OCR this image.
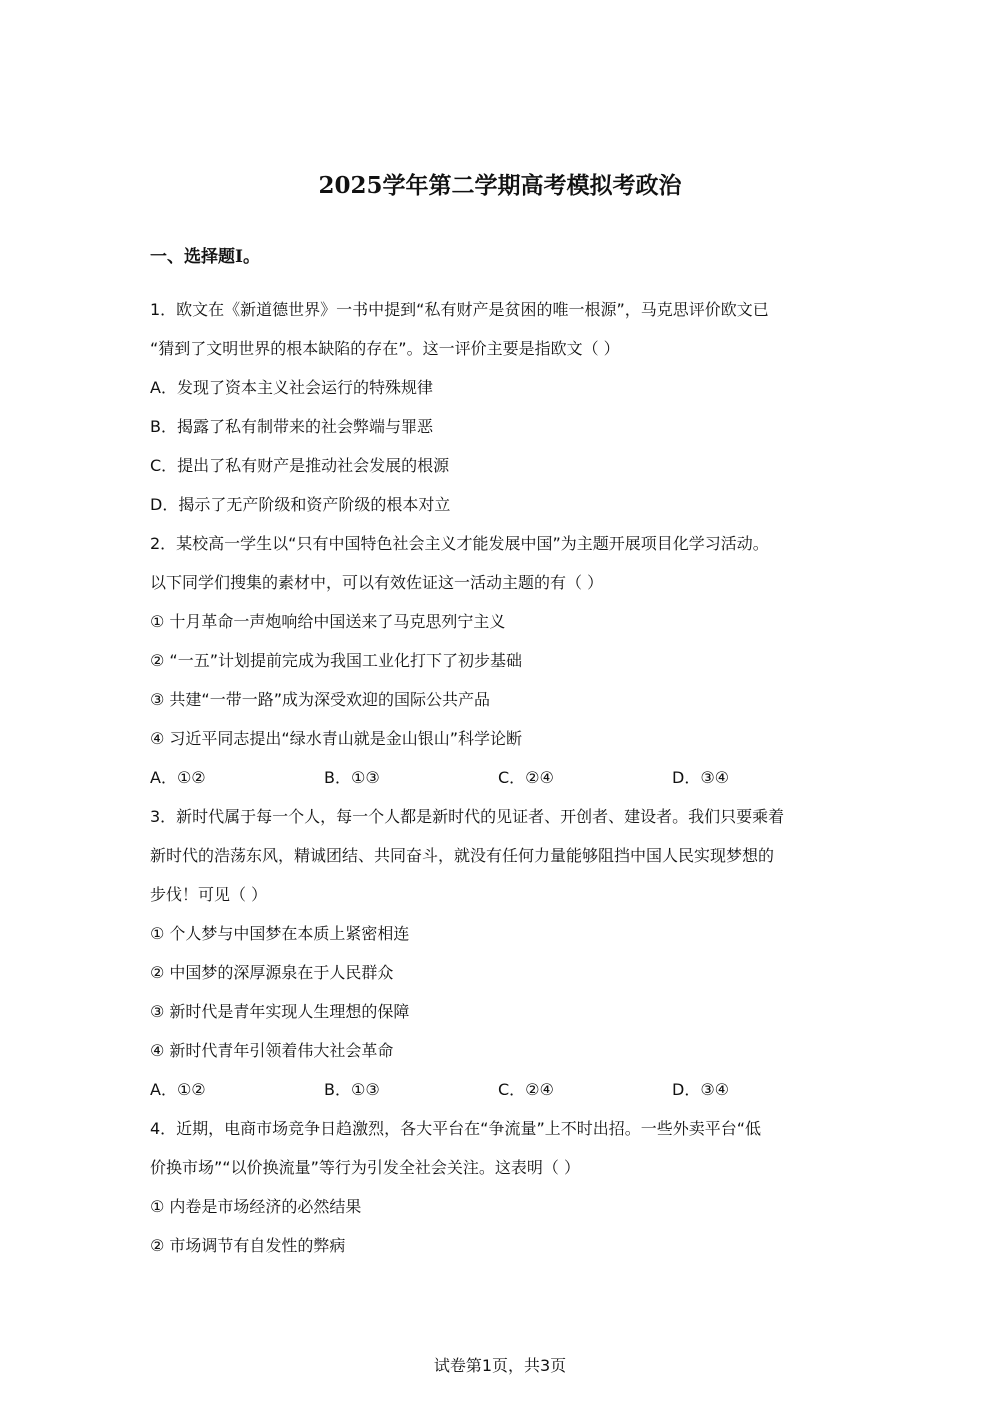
2025学年第二学期高考模拟考政治
一、选择题I。
1．欧文在《新道德世界》一书中提到“私有财产是贫困的唯一根源”，马克思评价欧文已
“猜到了文明世界的根本缺陷的存在”。这一评价主要是指欧文（ ）
A．发现了资本主义社会运行的特殊规律
B．揭露了私有制带来的社会弊端与罪恶
C．提出了私有财产是推动社会发展的根源
D．揭示了无产阶级和资产阶级的根本对立
2．某校高一学生以“只有中国特色社会主义才能发展中国”为主题开展项目化学习活动。
以下同学们搜集的素材中，可以有效佐证这一活动主题的有（ ）
① 十月革命一声炮响给中国送来了马克思列宁主义
② “一五”计划提前完成为我国工业化打下了初步基础
③ 共建“一带一路”成为深受欢迎的国际公共产品
④ 习近平同志提出“绿水青山就是金山银山”科学论断
A．①②	B．①③	C．②④	D．③④
3．新时代属于每一个人，每一个人都是新时代的见证者、开创者、建设者。我们只要乘着
新时代的浩荡东风，精诚团结、共同奋斗，就没有任何力量能够阻挡中国人民实现梦想的
步伐！可见（ ）
① 个人梦与中国梦在本质上紧密相连
② 中国梦的深厚源泉在于人民群众
③ 新时代是青年实现人生理想的保障
④ 新时代青年引领着伟大社会革命
A．①②	B．①③	C．②④	D．③④
4．近期，电商市场竞争日趋激烈，各大平台在“争流量”上不时出招。一些外卖平台“低
价换市场”“以价换流量”等行为引发全社会关注。这表明（ ）
① 内卷是市场经济的必然结果
② 市场调节有自发性的弊病
试卷第1页，共3页
